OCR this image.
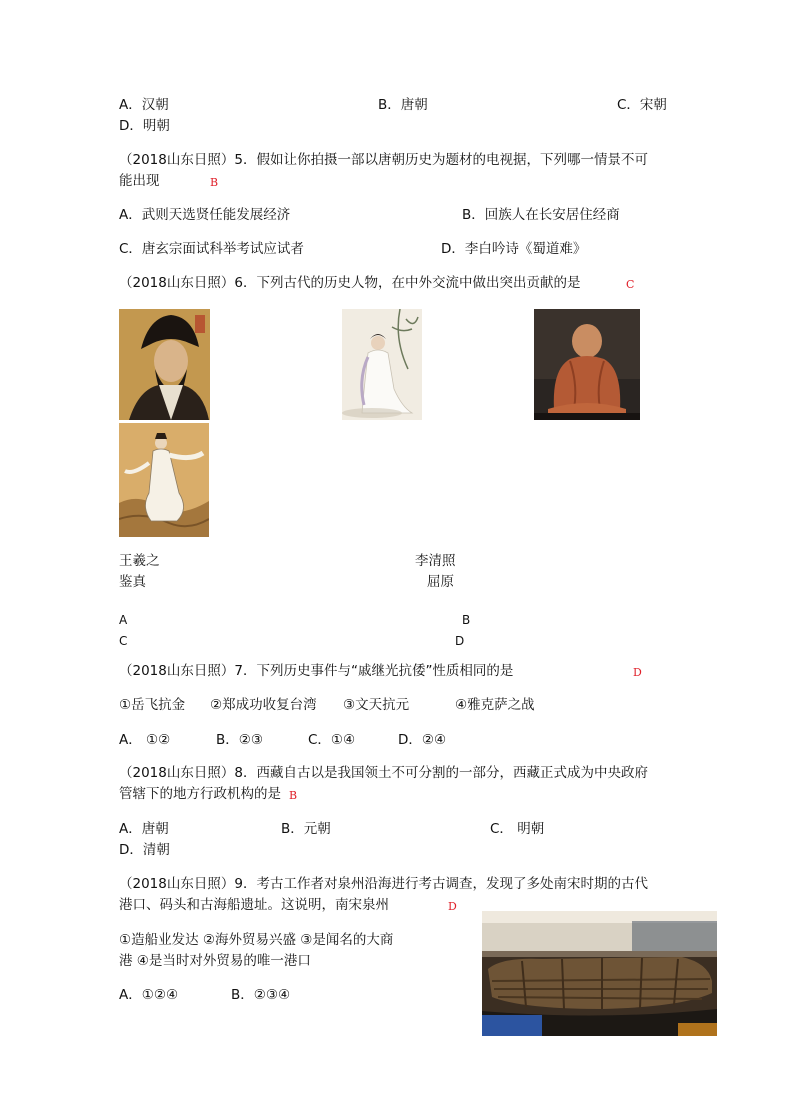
A．汉朝	B．唐朝	C．宋朝
D．明朝
（2018山东日照）5．假如让你拍摄一部以唐朝历史为题材的电视据，下列哪一情景不可
能出现	B
A．武则天选贤任能发展经济	B．回族人在长安居住经商
C．唐玄宗面试科举考试应试者	D．李白吟诗《蜀道难》
（2018山东日照）6．下列古代的历史人物，在中外交流中做出突出贡献的是	C
王羲之	李清照
鉴真	屈原
A	B
C	D
（2018山东日照）7．下列历史事件与“戚继光抗倭”性质相同的是	D
①岳飞抗金 ②郑成功收复台湾 ③文天抗元	④雅克萨之战
A． ①②	B．②③	C．①④	D．②④
（2018山东日照）8．西藏自古以是我国领土不可分割的一部分，西藏正式成为中央政府
管辖下的地方行政机构的是 B
A．唐朝	B．元朝	C． 明朝
D．清朝
（2018山东日照）9．考古工作者对泉州沿海进行考古调查，发现了多处南宋时期的古代
港口、码头和古海船遗址。这说明，南宋泉州	D
①造船业发达 ②海外贸易兴盛 ③是闻名的大商
港 ④是当时对外贸易的唯一港口
A．①②④	B．②③④
